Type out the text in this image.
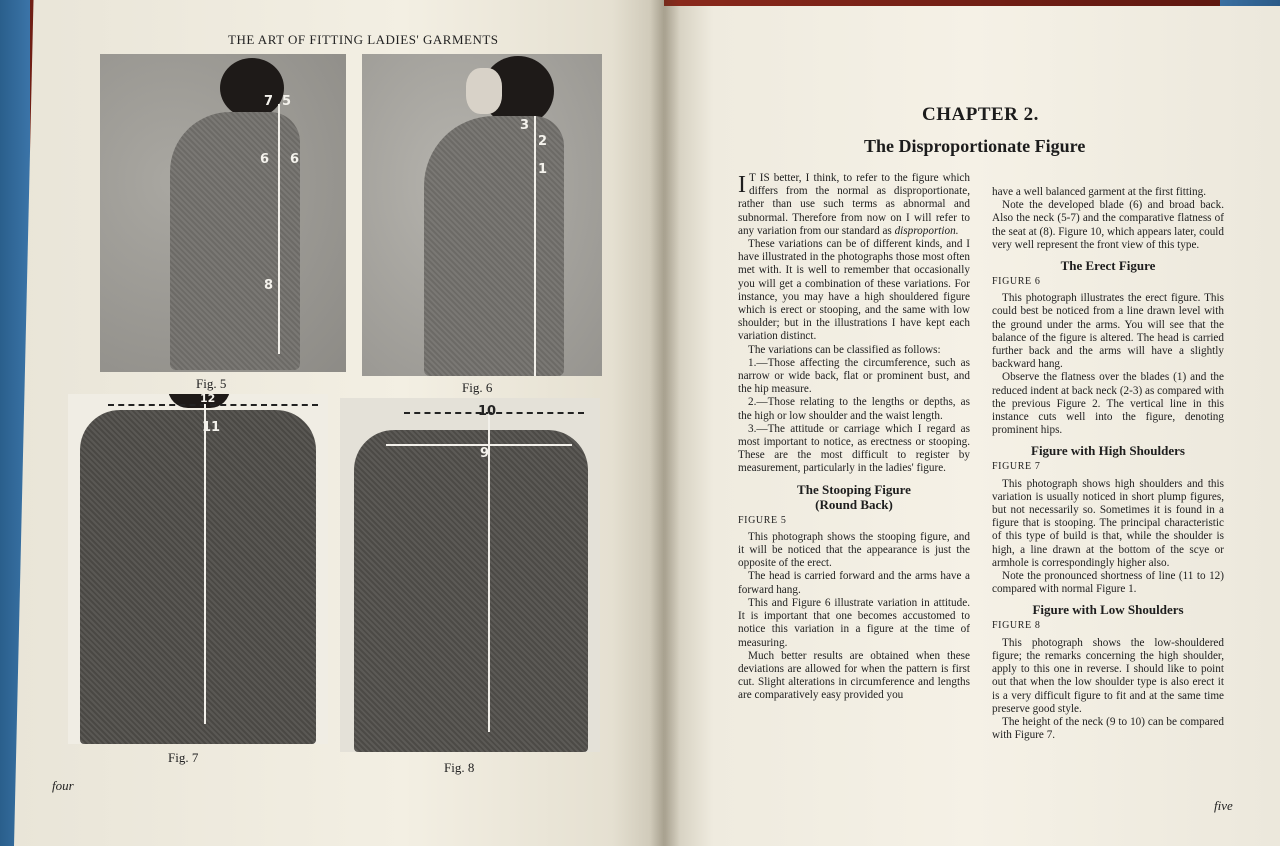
THE ART OF FITTING LADIES' GARMENTS
7 5
6 6
8
Fig. 5
3
2
1
Fig. 6
12
11
Fig. 7
10
9
Fig. 8
four
CHAPTER 2.
The Disproportionate Figure

I T IS better, I think, to refer to the figure which differs from the normal as disproportionate, rather than use such terms as abnormal and subnormal. Therefore from now on I will refer to any variation from our standard as disproportion.

These variations can be of different kinds, and I have illustrated in the photographs those most often met with. It is well to remember that occasionally you will get a combination of these variations. For instance, you may have a high shouldered figure which is erect or stooping, and the same with low shoulder; but in the illustrations I have kept each variation distinct.

The variations can be classified as follows:

1.—Those affecting the circumference, such as narrow or wide back, flat or prominent bust, and the hip measure.

2.—Those relating to the lengths or depths, as the high or low shoulder and the waist length.

3.—The attitude or carriage which I regard as most important to notice, as erectness or stooping. These are the most difficult to register by measurement, particularly in the ladies' figure.

The Stooping Figure

(Round Back)

FIGURE 5

This photograph shows the stooping figure, and it will be noticed that the appearance is just the opposite of the erect.

The head is carried forward and the arms have a forward hang.

This and Figure 6 illustrate variation in attitude. It is important that one becomes accustomed to notice this variation in a figure at the time of measuring.

Much better results are obtained when these deviations are allowed for when the pattern is first cut. Slight alterations in circumference and lengths are comparatively easy provided you

have a well balanced garment at the first fitting.

Note the developed blade (6) and broad back. Also the neck (5-7) and the comparative flatness of the seat at (8). Figure 10, which appears later, could very well represent the front view of this type.

The Erect Figure

FIGURE 6

This photograph illustrates the erect figure. This could best be noticed from a line drawn level with the ground under the arms. You will see that the balance of the figure is altered. The head is carried further back and the arms will have a slightly backward hang.

Observe the flatness over the blades (1) and the reduced indent at back neck (2-3) as compared with the previous Figure 2. The vertical line in this instance cuts well into the figure, denoting prominent hips.

Figure with High Shoulders

FIGURE 7

This photograph shows high shoulders and this variation is usually noticed in short plump figures, but not necessarily so. Sometimes it is found in a figure that is stooping. The principal characteristic of this type of build is that, while the shoulder is high, a line drawn at the bottom of the scye or armhole is correspondingly higher also.

Note the pronounced shortness of line (11 to 12) compared with normal Figure 1.

Figure with Low Shoulders

FIGURE 8

This photograph shows the low-shouldered figure; the remarks concerning the high shoulder, apply to this one in reverse. I should like to point out that when the low shoulder type is also erect it is a very difficult figure to fit and at the same time preserve good style.

The height of the neck (9 to 10) can be compared with Figure 7.

five
